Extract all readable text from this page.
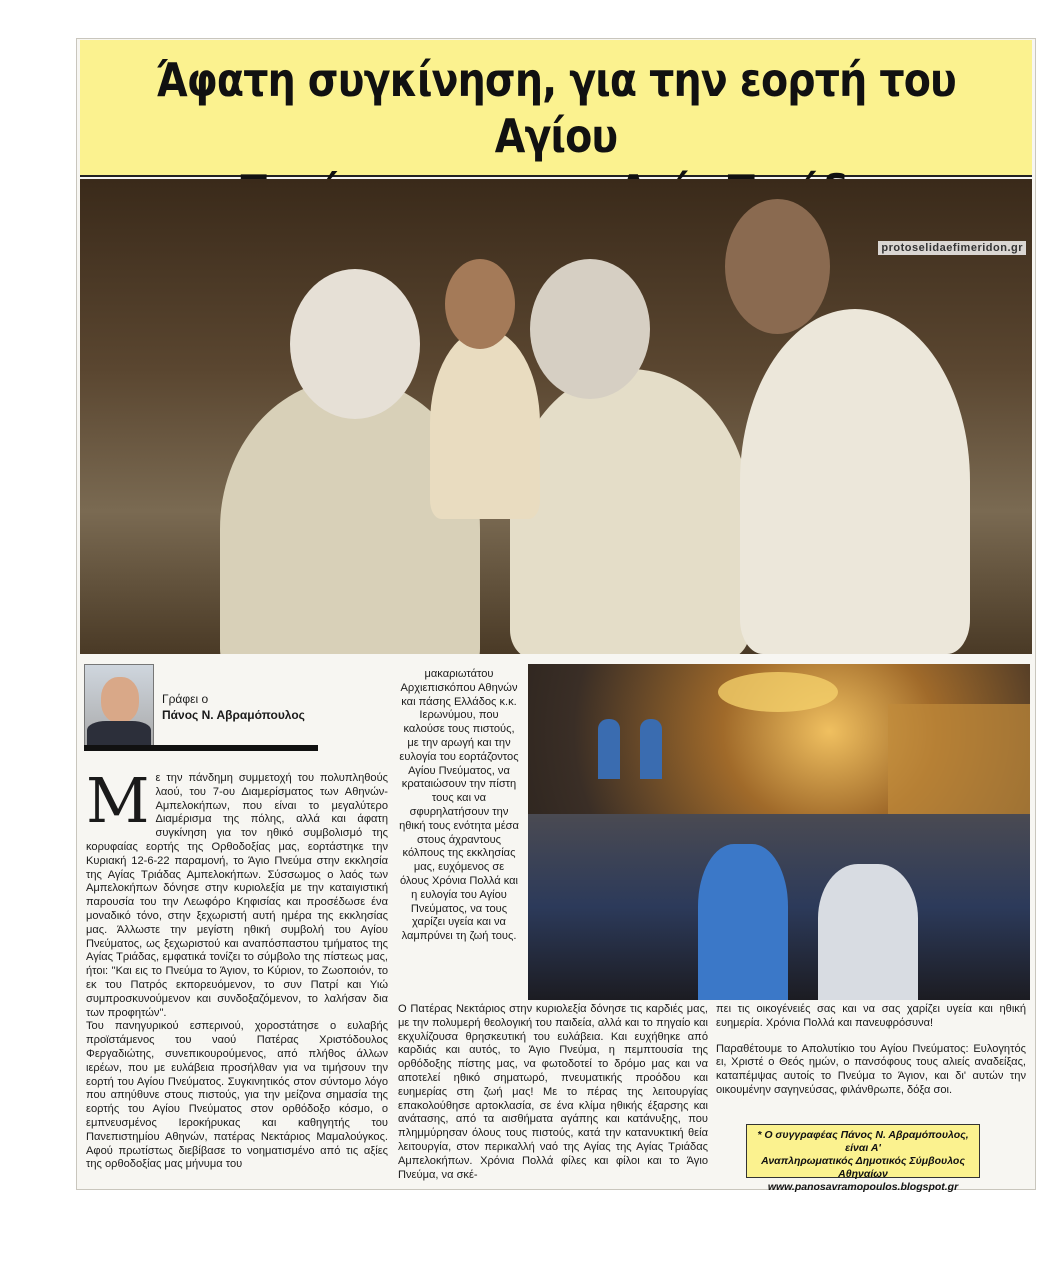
Άφατη συγκίνηση, για την εορτή του Αγίου

protoselidaefimeridon.gr
Γράφει ο
Πάνος Ν. Αβραμόπουλος
Μ ε την πάνδημη συμμετοχή του πολυπληθούς λαού, του 7-ου Διαμερίσματος των Αθηνών- Αμπελοκήπων, που είναι το μεγαλύτερο Διαμέρισμα της πόλης, αλλά και άφατη συγκίνηση για τον ηθικό συμβολισμό της κορυφαίας εορτής της Ορθοδοξίας μας, εορτάστηκε την Κυριακή 12-6-22 παραμονή, το Άγιο Πνεύμα στην εκκλησία της Αγίας Τριάδας Αμπελοκήπων. Σύσσωμος ο λαός των Αμπελοκήπων δόνησε στην κυριολεξία με την καταιγιστική παρουσία του την Λεωφόρο Κηφισίας και προσέδωσε ένα μοναδικό τόνο, στην ξεχωριστή αυτή ημέρα της εκκλησίας μας. Άλλωστε την μεγίστη ηθική συμβολή του Αγίου Πνεύματος, ως ξεχωριστού και αναπόσπαστου τμήματος της Αγίας Τριάδας, εμφατικά τονίζει το σύμβολο της πίστεως μας, ήτοι: "Και εις το Πνεύμα το Άγιον, το Κύριον, το Ζωοποιόν, το εκ του Πατρός εκπορευόμενον, το συν Πατρί και Υιώ συμπροσκυνούμενον και συνδοξαζόμενον, το λαλήσαν δια των προφητών".

Του πανηγυρικού εσπερινού, χοροστάτησε ο ευλαβής προϊστάμενος του ναού Πατέρας Χριστόδουλος Φεργαδιώτης, συνεπικουρούμενος, από πλήθος άλλων ιερέων, που με ευλάβεια προσήλθαν για να τιμήσουν την εορτή του Αγίου Πνεύματος. Συγκινητικός στον σύντομο λόγο που απηύθυνε στους πιστούς, για την μείζονα σημασία της εορτής του Αγίου Πνεύματος στον ορθόδοξο κόσμο, ο εμπνευσμένος Ιεροκήρυκας και καθηγητής του Πανεπιστημίου Αθηνών, πατέρας Νεκτάριος Μαμαλούγκος. Αφού πρωτίστως διεβίβασε το νοηματισμένο από τις αξίες της ορθοδοξίας μας μήνυμα του

μακαριωτάτου Αρχιεπισκόπου Αθηνών και πάσης Ελλάδος κ.κ. Ιερωνύμου, που καλούσε τους πιστούς, με την αρωγή και την ευλογία του εορτάζοντος Αγίου Πνεύματος, να κραταιώσουν την πίστη τους και να σφυρηλατήσουν την ηθική τους ενότητα μέσα στους άχραντους κόλπους της εκκλησίας μας, ευχόμενος σε όλους Χρόνια Πολλά και η ευλογία του Αγίου Πνεύματος, να τους χαρίζει υγεία και να λαμπρύνει τη ζωή τους.

Ο Πατέρας Νεκτάριος στην κυριολεξία δόνησε τις καρδιές μας, με την πολυμερή θεολογική του παιδεία, αλλά και το πηγαίο και εκχυλίζουσα θρησκευτική του ευλάβεια. Και ευχήθηκε από καρδιάς και αυτός, το Άγιο Πνεύμα, η πεμπτουσία της ορθόδοξης πίστης μας, να φωτοδοτεί το δρόμο μας και να αποτελεί ηθικό σηματωρό, πνευματικής προόδου και ευημερίας στη ζωή μας! Με το πέρας της λειτουργίας επακολούθησε αρτοκλασία, σε ένα κλίμα ηθικής έξαρσης και ανάτασης, από τα αισθήματα αγάπης και κατάνυξης, που πλημμύρησαν όλους τους πιστούς, κατά την κατανυκτική θεία λειτουργία, στον περικαλλή ναό της Αγίας της Αγίας Τριάδας Αμπελοκήπων. Χρόνια Πολλά φίλες και φίλοι και το Άγιο Πνεύμα, να σκέ-

πει τις οικογένειές σας και να σας χαρίζει υγεία και ηθική ευημερία. Χρόνια Πολλά και πανευφρόσυνα!

Παραθέτουμε το Απολυτίκιο του Αγίου Πνεύματος: Ευλογητός ει, Χριστέ ο Θεός ημών, ο πανσόφους τους αλιείς αναδείξας, καταπέμψας αυτοίς το Πνεύμα το Άγιον, και δι' αυτών την οικουμένην σαγηνεύσας, φιλάνθρωπε, δόξα σοι.

* Ο συγγραφέας Πάνος Ν. Αβραμόπουλος, είναι Α'
Αναπληρωματικός Δημοτικός Σύμβουλος Αθηναίων
www.panosavramopoulos.blogspot.gr
